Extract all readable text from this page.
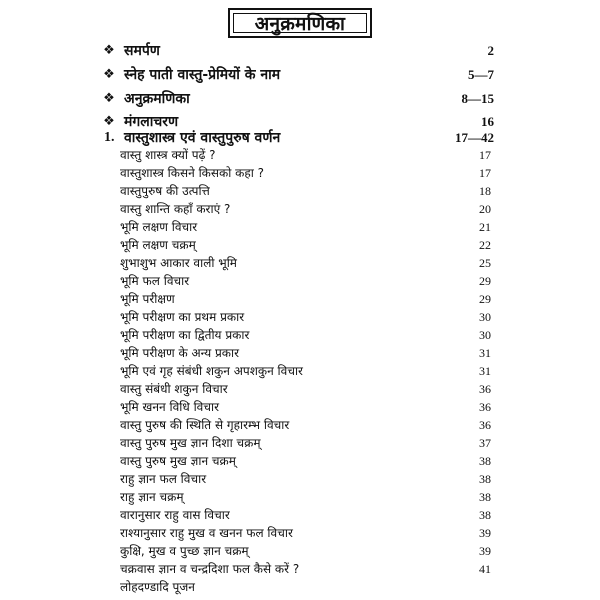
अनुक्रमणिका
❖ समर्पण	2
❖ स्नेह पाती वास्तु-प्रेमियों के नाम	5—7
❖ अनुक्रमणिका	8—15
❖ मंगलाचरण	16
1. वास्तुशास्त्र एवं वास्तुपुरुष वर्णन	17—42
वास्तु शास्त्र क्यों पढ़ें ?	17
वास्तुशास्त्र किसने किसको कहा ?	17
वास्तुपुरुष की उत्पत्ति	18
वास्तु शान्ति कहाँ कराएं ?	20
भूमि लक्षण विचार	21
भूमि लक्षण चक्रम्	22
शुभाशुभ आकार वाली भूमि	25
भूमि फल विचार	29
भूमि परीक्षण	29
भूमि परीक्षण का प्रथम प्रकार	30
भूमि परीक्षण का द्वितीय प्रकार	30
भूमि परीक्षण के अन्य प्रकार	31
भूमि एवं गृह संबंधी शकुन अपशकुन विचार	31
वास्तु संबंधी शकुन विचार	36
भूमि खनन विधि विचार	36
वास्तु पुरुष की स्थिति से गृहारम्भ विचार	36
वास्तु पुरुष मुख ज्ञान दिशा चक्रम्	37
वास्तु पुरुष मुख ज्ञान चक्रम्	38
राहु ज्ञान फल विचार	38
राहु ज्ञान चक्रम्	38
वारानुसार राहु वास विचार	38
राश्यानुसार राहु मुख व खनन फल विचार	39
कुक्षि, मुख व पुच्छ ज्ञान चक्रम्	39
चक्रवास ज्ञान व चन्द्रदिशा फल कैसे करें ?	41
लोहदण्डादि पूजन
